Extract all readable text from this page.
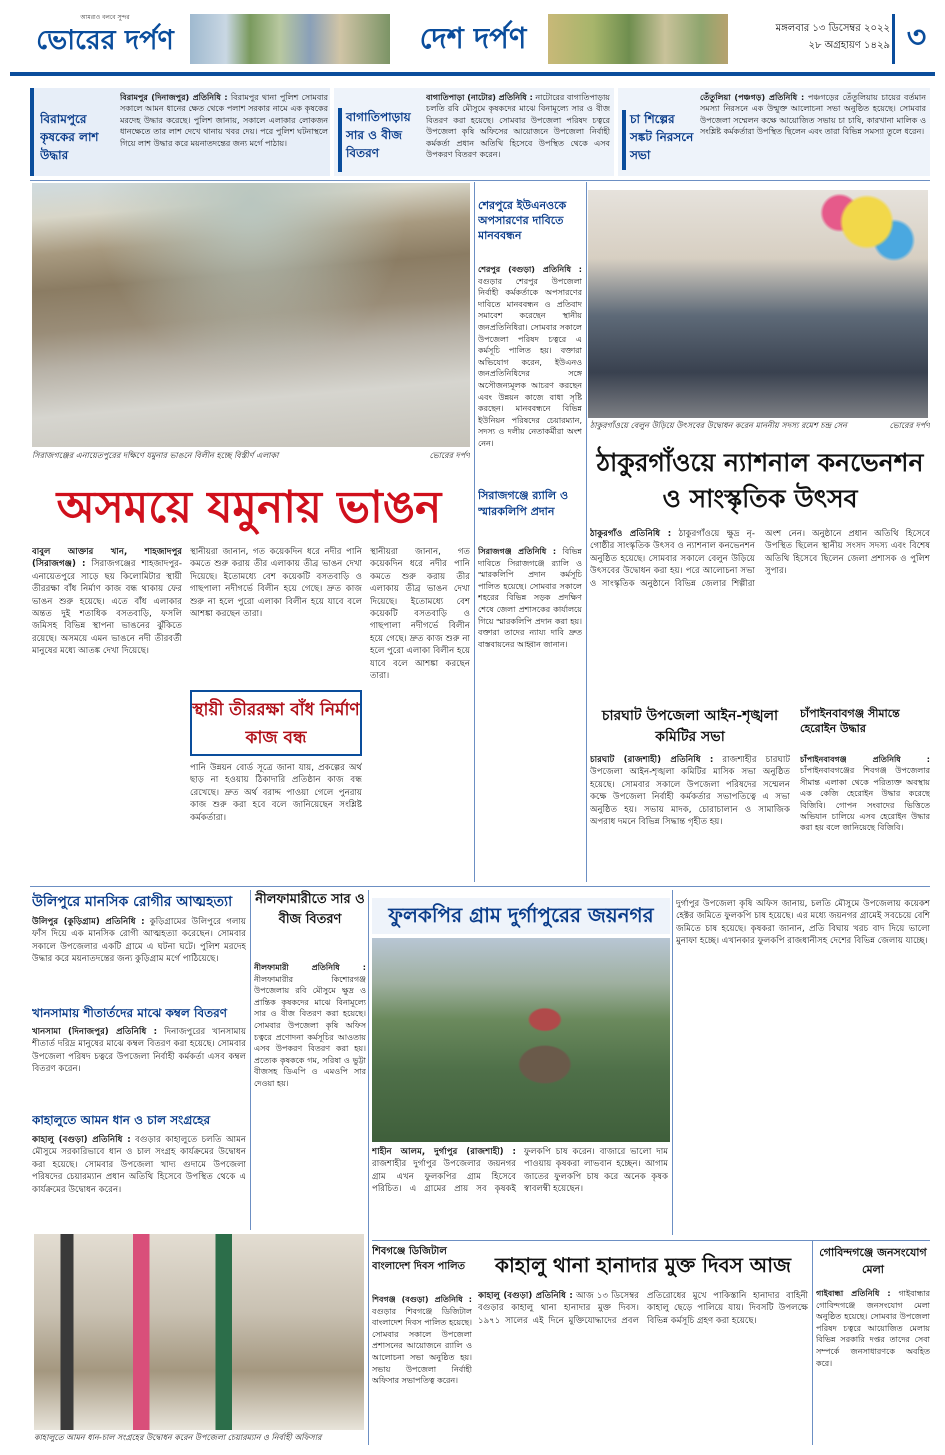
আমরাও বলবে সুন্দর
ভোরের দর্পণ	দেশ দর্পণ	মঙ্গলবার ১৩ ডিসেম্বর ২০২২
২৮ অগ্রহায়ণ ১৪২৯ ৩
বিরামপুরে কৃষকের লাশ উদ্ধার
বিরামপুর (দিনাজপুর) প্রতিনিধি : বিরামপুর থানা পুলিশ সোমবার সকালে আমন ধানের ক্ষেত থেকে পলাশ সরকার নামে এক কৃষকের মরদেহ উদ্ধার করেছে। পুলিশ জানায়, সকালে এলাকার লোকজন ধানক্ষেতে তার লাশ দেখে থানায় খবর দেয়। পরে পুলিশ ঘটনাস্থলে গিয়ে লাশ উদ্ধার করে ময়নাতদন্তের জন্য মর্গে পাঠায়।
বাগাতিপাড়ায় সার ও বীজ বিতরণ
বাগাতিপাড়া (নাটোর) প্রতিনিধি : নাটোরের বাগাতিপাড়ায় চলতি রবি মৌসুমে কৃষকদের মাঝে বিনামূল্যে সার ও বীজ বিতরণ করা হয়েছে। সোমবার উপজেলা পরিষদ চত্বরে উপজেলা কৃষি অফিসের আয়োজনে উপজেলা নির্বাহী কর্মকর্তা প্রধান অতিথি হিসেবে উপস্থিত থেকে এসব উপকরণ বিতরণ করেন।
চা শিল্পের সঙ্কট নিরসনে সভা
তেঁতুলিয়া (পঞ্চগড়) প্রতিনিধি : পঞ্চগড়ের তেঁতুলিয়ায় চায়ের বর্তমান সমস্যা নিরসনে এক উন্মুক্ত আলোচনা সভা অনুষ্ঠিত হয়েছে। সোমবার উপজেলা সম্মেলন কক্ষে আয়োজিত সভায় চা চাষি, কারখানা মালিক ও সংশ্লিষ্ট কর্মকর্তারা উপস্থিত ছিলেন এবং তারা বিভিন্ন সমস্যা তুলে ধরেন।
সিরাজগঞ্জের এনায়েতপুরের দক্ষিণে যমুনার ভাঙনে বিলীন হচ্ছে বিস্তীর্ণ এলাকা	ভোরের দর্পণ
শেরপুরে ইউএনওকে অপসারণের দাবিতে মানববন্ধন
শেরপুর (বগুড়া) প্রতিনিধি : বগুড়ার শেরপুর উপজেলা নির্বাহী কর্মকর্তাকে অপসারণের দাবিতে মানববন্ধন ও প্রতিবাদ সমাবেশ করেছেন স্থানীয় জনপ্রতিনিধিরা। সোমবার সকালে উপজেলা পরিষদ চত্বরে এ কর্মসূচি পালিত হয়। বক্তারা অভিযোগ করেন, ইউএনও জনপ্রতিনিধিদের সঙ্গে অসৌজন্যমূলক আচরণ করছেন এবং উন্নয়ন কাজে বাধা সৃষ্টি করছেন। মানববন্ধনে বিভিন্ন ইউনিয়ন পরিষদের চেয়ারম্যান, সদস্য ও দলীয় নেতাকর্মীরা অংশ নেন।
ঠাকুরগাঁওয়ে বেলুন উড়িয়ে উৎসবের উদ্বোধন করেন মাননীয় সদস্য রমেশ চন্দ্র সেন	ভোরের দর্পণ
ঠাকুরগাঁওয়ে ন্যাশনাল কনভেনশন ও সাংস্কৃতিক উৎসব
ঠাকুরগাঁও প্রতিনিধি : ঠাকুরগাঁওয়ে ক্ষুদ্র নৃ-গোষ্ঠীর সাংস্কৃতিক উৎসব ও ন্যাশনাল কনভেনশন অনুষ্ঠিত হয়েছে। সোমবার সকালে বেলুন উড়িয়ে উৎসবের উদ্বোধন করা হয়। পরে আলোচনা সভা ও সাংস্কৃতিক অনুষ্ঠানে বিভিন্ন জেলার শিল্পীরা অংশ নেন। অনুষ্ঠানে প্রধান অতিথি হিসেবে উপস্থিত ছিলেন স্থানীয় সংসদ সদস্য এবং বিশেষ অতিথি হিসেবে ছিলেন জেলা প্রশাসক ও পুলিশ সুপার।
অসময়ে যমুনায় ভাঙন
বাবুল আক্তার খান, শাহজাদপুর (সিরাজগঞ্জ) : সিরাজগঞ্জের শাহজাদপুর-এনায়েতপুরে সাড়ে ছয় কিলোমিটার স্থায়ী তীররক্ষা বাঁধ নির্মাণ কাজ বন্ধ থাকায় ফের ভাঙন শুরু হয়েছে। এতে বাঁধ এলাকার অন্তত দুই শতাধিক বসতবাড়ি, ফসলি জমিসহ বিভিন্ন স্থাপনা ভাঙনের ঝুঁকিতে রয়েছে। অসময়ে এমন ভাঙনে নদী তীরবর্তী মানুষের মধ্যে আতঙ্ক দেখা দিয়েছে।
স্থানীয়রা জানান, গত কয়েকদিন ধরে নদীর পানি কমতে শুরু করায় তীর এলাকায় তীব্র ভাঙন দেখা দিয়েছে। ইতোমধ্যে বেশ কয়েকটি বসতবাড়ি ও গাছপালা নদীগর্ভে বিলীন হয়ে গেছে। দ্রুত কাজ শুরু না হলে পুরো এলাকা বিলীন হয়ে যাবে বলে আশঙ্কা করছেন তারা।
স্থায়ী তীররক্ষা বাঁধ নির্মাণ কাজ বন্ধ
পানি উন্নয়ন বোর্ড সূত্রে জানা যায়, প্রকল্পের অর্থ ছাড় না হওয়ায় ঠিকাদারি প্রতিষ্ঠান কাজ বন্ধ রেখেছে। দ্রুত অর্থ বরাদ্দ পাওয়া গেলে পুনরায় কাজ শুরু করা হবে বলে জানিয়েছেন সংশ্লিষ্ট কর্মকর্তারা।
স্থানীয়রা জানান, গত কয়েকদিন ধরে নদীর পানি কমতে শুরু করায় তীর এলাকায় তীব্র ভাঙন দেখা দিয়েছে। ইতোমধ্যে বেশ কয়েকটি বসতবাড়ি ও গাছপালা নদীগর্ভে বিলীন হয়ে গেছে। দ্রুত কাজ শুরু না হলে পুরো এলাকা বিলীন হয়ে যাবে বলে আশঙ্কা করছেন তারা।
সিরাজগঞ্জে র‌্যালি ও স্মারকলিপি প্রদান
সিরাজগঞ্জ প্রতিনিধি : বিভিন্ন দাবিতে সিরাজগঞ্জে র‌্যালি ও স্মারকলিপি প্রদান কর্মসূচি পালিত হয়েছে। সোমবার সকালে শহরের বিভিন্ন সড়ক প্রদক্ষিণ শেষে জেলা প্রশাসকের কার্যালয়ে গিয়ে স্মারকলিপি প্রদান করা হয়। বক্তারা তাদের ন্যায্য দাবি দ্রুত বাস্তবায়নের আহ্বান জানান।
চারঘাট উপজেলা আইন-শৃঙ্খলা কমিটির সভা
চারঘাট (রাজশাহী) প্রতিনিধি : রাজশাহীর চারঘাট উপজেলা আইন-শৃঙ্খলা কমিটির মাসিক সভা অনুষ্ঠিত হয়েছে। সোমবার সকালে উপজেলা পরিষদের সম্মেলন কক্ষে উপজেলা নির্বাহী কর্মকর্তার সভাপতিত্বে এ সভা অনুষ্ঠিত হয়। সভায় মাদক, চোরাচালান ও সামাজিক অপরাধ দমনে বিভিন্ন সিদ্ধান্ত গৃহীত হয়।
চাঁপাইনবাবগঞ্জ সীমান্তে হেরোইন উদ্ধার
চাঁপাইনবাবগঞ্জ প্রতিনিধি : চাঁপাইনবাবগঞ্জের শিবগঞ্জ উপজেলার সীমান্ত এলাকা থেকে পরিত্যক্ত অবস্থায় এক কেজি হেরোইন উদ্ধার করেছে বিজিবি। গোপন সংবাদের ভিত্তিতে অভিযান চালিয়ে এসব হেরোইন উদ্ধার করা হয় বলে জানিয়েছে বিজিবি।
উলিপুরে মানসিক রোগীর আত্মহত্যা
উলিপুর (কুড়িগ্রাম) প্রতিনিধি : কুড়িগ্রামের উলিপুরে গলায় ফাঁস দিয়ে এক মানসিক রোগী আত্মহত্যা করেছেন। সোমবার সকালে উপজেলার একটি গ্রামে এ ঘটনা ঘটে। পুলিশ মরদেহ উদ্ধার করে ময়নাতদন্তের জন্য কুড়িগ্রাম মর্গে পাঠিয়েছে।
খানসামায় শীতার্তদের মাঝে কম্বল বিতরণ
খানসামা (দিনাজপুর) প্রতিনিধি : দিনাজপুরের খানসামায় শীতার্ত দরিদ্র মানুষের মাঝে কম্বল বিতরণ করা হয়েছে। সোমবার উপজেলা পরিষদ চত্বরে উপজেলা নির্বাহী কর্মকর্তা এসব কম্বল বিতরণ করেন।
কাহালুতে আমন ধান ও চাল সংগ্রহের
কাহালু (বগুড়া) প্রতিনিধি : বগুড়ার কাহালুতে চলতি আমন মৌসুমে সরকারিভাবে ধান ও চাল সংগ্রহ কার্যক্রমের উদ্বোধন করা হয়েছে। সোমবার উপজেলা খাদ্য গুদামে উপজেলা পরিষদের চেয়ারম্যান প্রধান অতিথি হিসেবে উপস্থিত থেকে এ কার্যক্রমের উদ্বোধন করেন।
কাহালুতে আমন ধান-চাল সংগ্রহের উদ্বোধন করেন উপজেলা চেয়ারম্যান ও নির্বাহী অফিসার
নীলফামারীতে সার ও বীজ বিতরণ
নীলফামারী প্রতিনিধি : নীলফামারীর কিশোরগঞ্জ উপজেলায় রবি মৌসুমে ক্ষুদ্র ও প্রান্তিক কৃষকদের মাঝে বিনামূল্যে সার ও বীজ বিতরণ করা হয়েছে। সোমবার উপজেলা কৃষি অফিস চত্বরে প্রণোদনা কর্মসূচির আওতায় এসব উপকরণ বিতরণ করা হয়। প্রত্যেক কৃষককে গম, সরিষা ও ভুট্টা বীজসহ ডিএপি ও এমওপি সার দেওয়া হয়।
ফুলকপির গ্রাম দুর্গাপুরের জয়নগর
শাহীন আলম, দুর্গাপুর (রাজশাহী) : রাজশাহীর দুর্গাপুর উপজেলার জয়নগর গ্রাম এখন ফুলকপির গ্রাম হিসেবে পরিচিত। এ গ্রামের প্রায় সব কৃষকই ফুলকপি চাষ করেন। বাজারে ভালো দাম পাওয়ায় কৃষকরা লাভবান হচ্ছেন। আগাম জাতের ফুলকপি চাষ করে অনেক কৃষক স্বাবলম্বী হয়েছেন।
দুর্গাপুর উপজেলা কৃষি অফিস জানায়, চলতি মৌসুমে উপজেলায় কয়েকশ হেক্টর জমিতে ফুলকপি চাষ হয়েছে। এর মধ্যে জয়নগর গ্রামেই সবচেয়ে বেশি জমিতে চাষ হয়েছে। কৃষকরা জানান, প্রতি বিঘায় খরচ বাদ দিয়ে ভালো মুনাফা হচ্ছে। এখানকার ফুলকপি রাজধানীসহ দেশের বিভিন্ন জেলায় যাচ্ছে।
শিবগঞ্জে ডিজিটাল বাংলাদেশ দিবস পালিত
শিবগঞ্জ (বগুড়া) প্রতিনিধি : বগুড়ার শিবগঞ্জে ডিজিটাল বাংলাদেশ দিবস পালিত হয়েছে। সোমবার সকালে উপজেলা প্রশাসনের আয়োজনে র‌্যালি ও আলোচনা সভা অনুষ্ঠিত হয়। সভায় উপজেলা নির্বাহী অফিসার সভাপতিত্ব করেন।
কাহালু থানা হানাদার মুক্ত দিবস আজ
কাহালু (বগুড়া) প্রতিনিধি : আজ ১৩ ডিসেম্বর বগুড়ার কাহালু থানা হানাদার মুক্ত দিবস। ১৯৭১ সালের এই দিনে মুক্তিযোদ্ধাদের প্রবল প্রতিরোধের মুখে পাকিস্তানি হানাদার বাহিনী কাহালু ছেড়ে পালিয়ে যায়। দিবসটি উপলক্ষে বিভিন্ন কর্মসূচি গ্রহণ করা হয়েছে।
গোবিন্দগঞ্জে জনসংযোগ মেলা
গাইবান্ধা প্রতিনিধি : গাইবান্ধার গোবিন্দগঞ্জে জনসংযোগ মেলা অনুষ্ঠিত হয়েছে। সোমবার উপজেলা পরিষদ চত্বরে আয়োজিত মেলায় বিভিন্ন সরকারি দপ্তর তাদের সেবা সম্পর্কে জনসাধারণকে অবহিত করে।
